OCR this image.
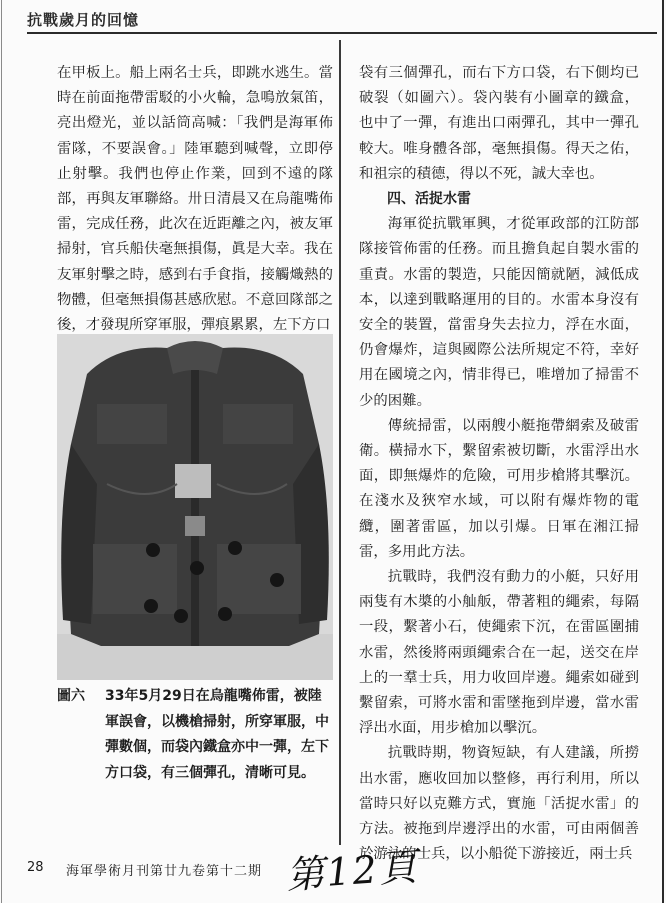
抗戰歲月的回憶

在甲板上。船上兩名士兵，即跳水逃生。當時在前面拖帶雷駁的小火輪，急鳴放氣笛，亮出燈光，並以話筒高喊：「我們是海軍佈雷隊，不要誤會。」陸軍聽到喊聲，立即停止射擊。我們也停止作業，回到不遠的隊部，再與友軍聯絡。卅日清晨又在烏龍嘴佈雷，完成任務，此次在近距離之內，被友軍掃射，官兵船伕毫無損傷，眞是大幸。我在友軍射擊之時，感到右手食指，接觸熾熱的物體，但毫無損傷甚感欣慰。不意回隊部之後，才發現所穿軍服，彈痕累累，左下方口

圖六 33年5月29日在烏龍嘴佈雷，被陸軍誤會，以機槍掃射，所穿軍服，中彈數個，而袋內鐵盒亦中一彈，左下方口袋，有三個彈孔，清晰可見。

袋有三個彈孔，而右下方口袋，右下側均已破裂（如圖六）。袋內裝有小圖章的鐵盒，也中了一彈，有進出口兩彈孔，其中一彈孔較大。唯身體各部，毫無損傷。得天之佑，和祖宗的積德，得以不死，誠大幸也。

四、活捉水雷

海軍從抗戰軍興，才從軍政部的江防部隊接管佈雷的任務。而且擔負起自製水雷的重責。水雷的製造，只能因簡就陋，減低成本，以達到戰略運用的目的。水雷本身沒有安全的裝置，當雷身失去拉力，浮在水面，仍會爆炸，這與國際公法所規定不符，幸好用在國境之內，情非得已，唯增加了掃雷不少的困難。

傳統掃雷，以兩艘小艇拖帶網索及破雷衛。橫掃水下，繫留索被切斷，水雷浮出水面，即無爆炸的危險，可用步槍將其擊沉。在淺水及狹窄水域，可以附有爆炸物的電纜，圍著雷區，加以引爆。日軍在湘江掃雷，多用此方法。

抗戰時，我們沒有動力的小艇，只好用兩隻有木槳的小舢舨，帶著粗的繩索，每隔一段，繫著小石，使繩索下沉，在雷區圍捕水雷，然後將兩頭繩索合在一起，送交在岸上的一羣士兵，用力收回岸邊。繩索如碰到繫留索，可將水雷和雷墜拖到岸邊，當水雷浮出水面，用步槍加以擊沉。

抗戰時期，物資短缺，有人建議，所撈出水雷，應收回加以整修，再行利用，所以當時只好以克難方式，實施「活捉水雷」的方法。被拖到岸邊浮出的水雷，可由兩個善於游泳的士兵，以小船從下游接近，兩士兵

28 海軍學術月刊第廿九卷第十二期 第12頁
